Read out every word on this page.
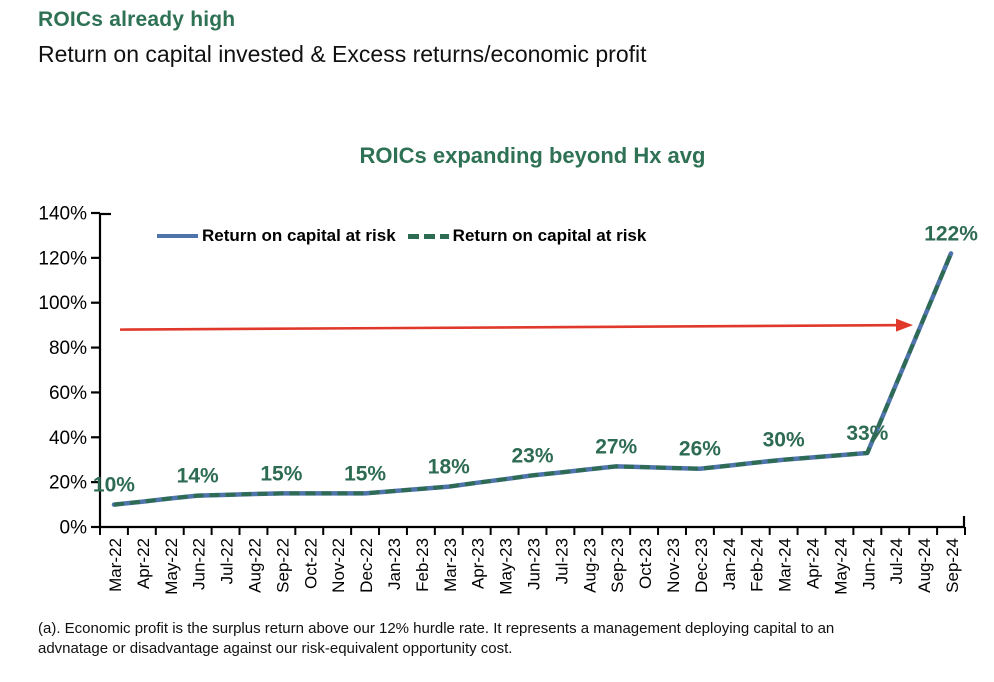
ROICs already high
Return on capital invested & Excess returns/economic profit
ROICs expanding beyond Hx avg
Return on capital at risk	Return on capital at risk
0%
20%
40%
60%
80%
100%
120%
140%
Mar-22 Apr-22 May-22 Jun-22 Jul-22 Aug-22 Sep-22 Oct-22 Nov-22 Dec-22 Jan-23 Feb-23 Mar-23 Apr-23 May-23 Jun-23 Jul-23 Aug-23 Sep-23 Oct-23 Nov-23 Dec-23 Jan-24 Feb-24 Mar-24 Apr-24 May-24 Jun-24 Jul-24 Aug-24 Sep-24
10% 14% 15% 15% 18% 23% 27% 26% 30% 33%
122%
(a). Economic profit is the surplus return above our 12% hurdle rate. It represents a management deploying capital to an
advnatage or disadvantage against our risk-equivalent opportunity cost.
